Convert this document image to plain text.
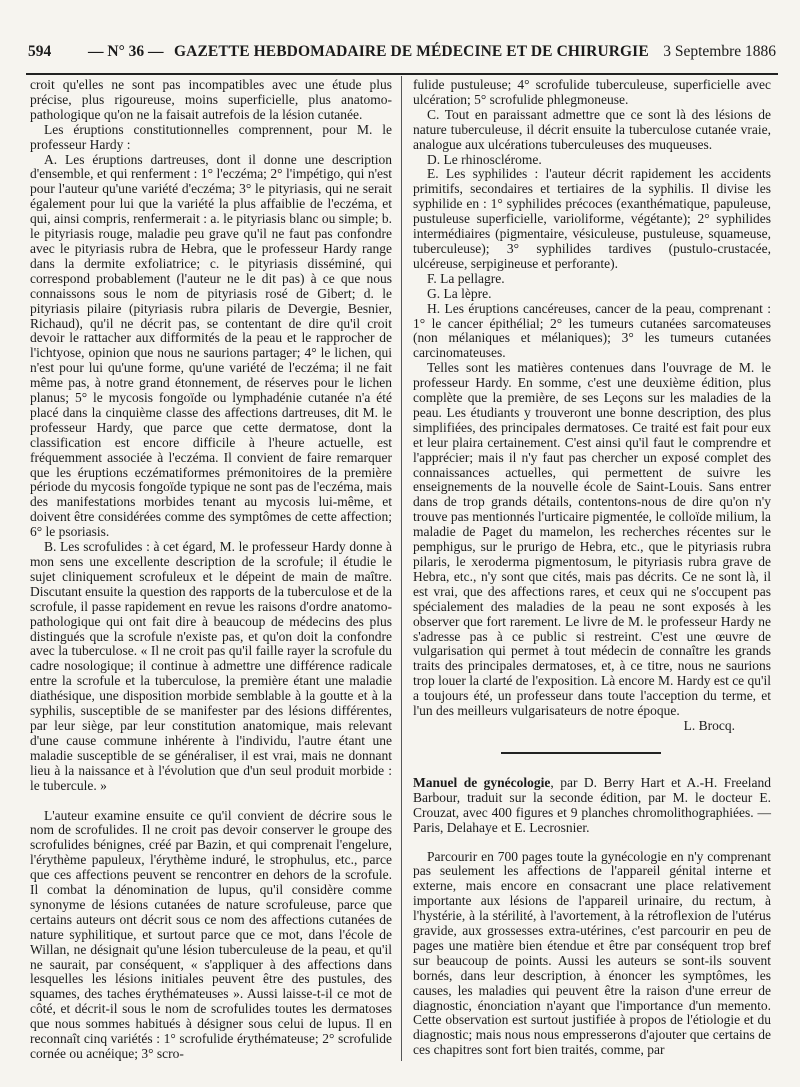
594 — N° 36 — GAZETTE HEBDOMADAIRE DE MÉDECINE ET DE CHIRURGIE 3 Septembre 1886

croit qu'elles ne sont pas incompatibles avec une étude plus précise, plus rigoureuse, moins superficielle, plus anatomo-pathologique qu'on ne la faisait autrefois de la lésion cutanée.

Les éruptions constitutionnelles comprennent, pour M. le professeur Hardy :

A. Les éruptions dartreuses, dont il donne une description d'ensemble, et qui renferment : 1° l'eczéma; 2° l'impétigo, qui n'est pour l'auteur qu'une variété d'eczéma; 3° le pityriasis, qui ne serait également pour lui que la variété la plus affaiblie de l'eczéma, et qui, ainsi compris, renfermerait : a. le pityriasis blanc ou simple; b. le pityriasis rouge, maladie peu grave qu'il ne faut pas confondre avec le pityriasis rubra de Hebra, que le professeur Hardy range dans la dermite exfoliatrice; c. le pityriasis disséminé, qui correspond probablement (l'auteur ne le dit pas) à ce que nous connaissons sous le nom de pityriasis rosé de Gibert; d. le pityriasis pilaire (pityriasis rubra pilaris de Devergie, Besnier, Richaud), qu'il ne décrit pas, se contentant de dire qu'il croit devoir le rattacher aux difformités de la peau et le rapprocher de l'ichtyose, opinion que nous ne saurions partager; 4° le lichen, qui n'est pour lui qu'une forme, qu'une variété de l'eczéma; il ne fait même pas, à notre grand étonnement, de réserves pour le lichen planus; 5° le mycosis fongoïde ou lymphadénie cutanée n'a été placé dans la cinquième classe des affections dartreuses, dit M. le professeur Hardy, que parce que cette dermatose, dont la classification est encore difficile à l'heure actuelle, est fréquemment associée à l'eczéma. Il convient de faire remarquer que les éruptions eczématiformes prémonitoires de la première période du mycosis fongoïde typique ne sont pas de l'eczéma, mais des manifestations morbides tenant au mycosis lui-même, et doivent être considérées comme des symptômes de cette affection; 6° le psoriasis.

B. Les scrofulides : à cet égard, M. le professeur Hardy donne à mon sens une excellente description de la scrofule; il étudie le sujet cliniquement scrofuleux et le dépeint de main de maître. Discutant ensuite la question des rapports de la tuberculose et de la scrofule, il passe rapidement en revue les raisons d'ordre anatomo-pathologique qui ont fait dire à beaucoup de médecins des plus distingués que la scrofule n'existe pas, et qu'on doit la confondre avec la tuberculose. « Il ne croit pas qu'il faille rayer la scrofule du cadre nosologique; il continue à admettre une différence radicale entre la scrofule et la tuberculose, la première étant une maladie diathésique, une disposition morbide semblable à la goutte et à la syphilis, susceptible de se manifester par des lésions différentes, par leur siège, par leur constitution anatomique, mais relevant d'une cause commune inhérente à l'individu, l'autre étant une maladie susceptible de se généraliser, il est vrai, mais ne donnant lieu à la naissance et à l'évolution que d'un seul produit morbide : le tubercule. »

L'auteur examine ensuite ce qu'il convient de décrire sous le nom de scrofulides. Il ne croit pas devoir conserver le groupe des scrofulides bénignes, créé par Bazin, et qui comprenait l'engelure, l'érythème papuleux, l'érythème induré, le strophulus, etc., parce que ces affections peuvent se rencontrer en dehors de la scrofule. Il combat la dénomination de lupus, qu'il considère comme synonyme de lésions cutanées de nature scrofuleuse, parce que certains auteurs ont décrit sous ce nom des affections cutanées de nature syphilitique, et surtout parce que ce mot, dans l'école de Willan, ne désignait qu'une lésion tuberculeuse de la peau, et qu'il ne saurait, par conséquent, « s'appliquer à des affections dans lesquelles les lésions initiales peuvent être des pustules, des squames, des taches érythémateuses ». Aussi laisse-t-il ce mot de côté, et décrit-il sous le nom de scrofulides toutes les dermatoses que nous sommes habitués à désigner sous celui de lupus. Il en reconnaît cinq variétés : 1° scrofulide érythémateuse; 2° scrofulide cornée ou acnéique; 3° scro-

fulide pustuleuse; 4° scrofulide tuberculeuse, superficielle avec ulcération; 5° scrofulide phlegmoneuse.

C. Tout en paraissant admettre que ce sont là des lésions de nature tuberculeuse, il décrit ensuite la tuberculose cutanée vraie, analogue aux ulcérations tuberculeuses des muqueuses.

D. Le rhinosclérome.

E. Les syphilides : l'auteur décrit rapidement les accidents primitifs, secondaires et tertiaires de la syphilis. Il divise les syphilide en : 1° syphilides précoces (exanthématique, papuleuse, pustuleuse superficielle, varioliforme, végétante); 2° syphilides intermédiaires (pigmentaire, vésiculeuse, pustuleuse, squameuse, tuberculeuse); 3° syphilides tardives (pustulo-crustacée, ulcéreuse, serpigineuse et perforante).

F. La pellagre.

G. La lèpre.

H. Les éruptions cancéreuses, cancer de la peau, comprenant : 1° le cancer épithélial; 2° les tumeurs cutanées sarcomateuses (non mélaniques et mélaniques); 3° les tumeurs cutanées carcinomateuses.

Telles sont les matières contenues dans l'ouvrage de M. le professeur Hardy. En somme, c'est une deuxième édition, plus complète que la première, de ses Leçons sur les maladies de la peau. Les étudiants y trouveront une bonne description, des plus simplifiées, des principales dermatoses. Ce traité est fait pour eux et leur plaira certainement. C'est ainsi qu'il faut le comprendre et l'apprécier; mais il n'y faut pas chercher un exposé complet des connaissances actuelles, qui permettent de suivre les enseignements de la nouvelle école de Saint-Louis. Sans entrer dans de trop grands détails, contentons-nous de dire qu'on n'y trouve pas mentionnés l'urticaire pigmentée, le colloïde milium, la maladie de Paget du mamelon, les recherches récentes sur le pemphigus, sur le prurigo de Hebra, etc., que le pityriasis rubra pilaris, le xeroderma pigmentosum, le pityriasis rubra grave de Hebra, etc., n'y sont que cités, mais pas décrits. Ce ne sont là, il est vrai, que des affections rares, et ceux qui ne s'occupent pas spécialement des maladies de la peau ne sont exposés à les observer que fort rarement. Le livre de M. le professeur Hardy ne s'adresse pas à ce public si restreint. C'est une œuvre de vulgarisation qui permet à tout médecin de connaître les grands traits des principales dermatoses, et, à ce titre, nous ne saurions trop louer la clarté de l'exposition. Là encore M. Hardy est ce qu'il a toujours été, un professeur dans toute l'acception du terme, et l'un des meilleurs vulgarisateurs de notre époque.

L. Brocq.

Manuel de gynécologie, par D. Berry Hart et A.-H. Freeland Barbour, traduit sur la seconde édition, par M. le docteur E. Crouzat, avec 400 figures et 9 planches chromolithographiées. — Paris, Delahaye et E. Lecrosnier.

Parcourir en 700 pages toute la gynécologie en n'y comprenant pas seulement les affections de l'appareil génital interne et externe, mais encore en consacrant une place relativement importante aux lésions de l'appareil urinaire, du rectum, à l'hystérie, à la stérilité, à l'avortement, à la rétroflexion de l'utérus gravide, aux grossesses extra-utérines, c'est parcourir en peu de pages une matière bien étendue et être par conséquent trop bref sur beaucoup de points. Aussi les auteurs se sont-ils souvent bornés, dans leur description, à énoncer les symptômes, les causes, les maladies qui peuvent être la raison d'une erreur de diagnostic, énonciation n'ayant que l'importance d'un memento. Cette observation est surtout justifiée à propos de l'étiologie et du diagnostic; mais nous nous empresserons d'ajouter que certains de ces chapitres sont fort bien traités, comme, par
